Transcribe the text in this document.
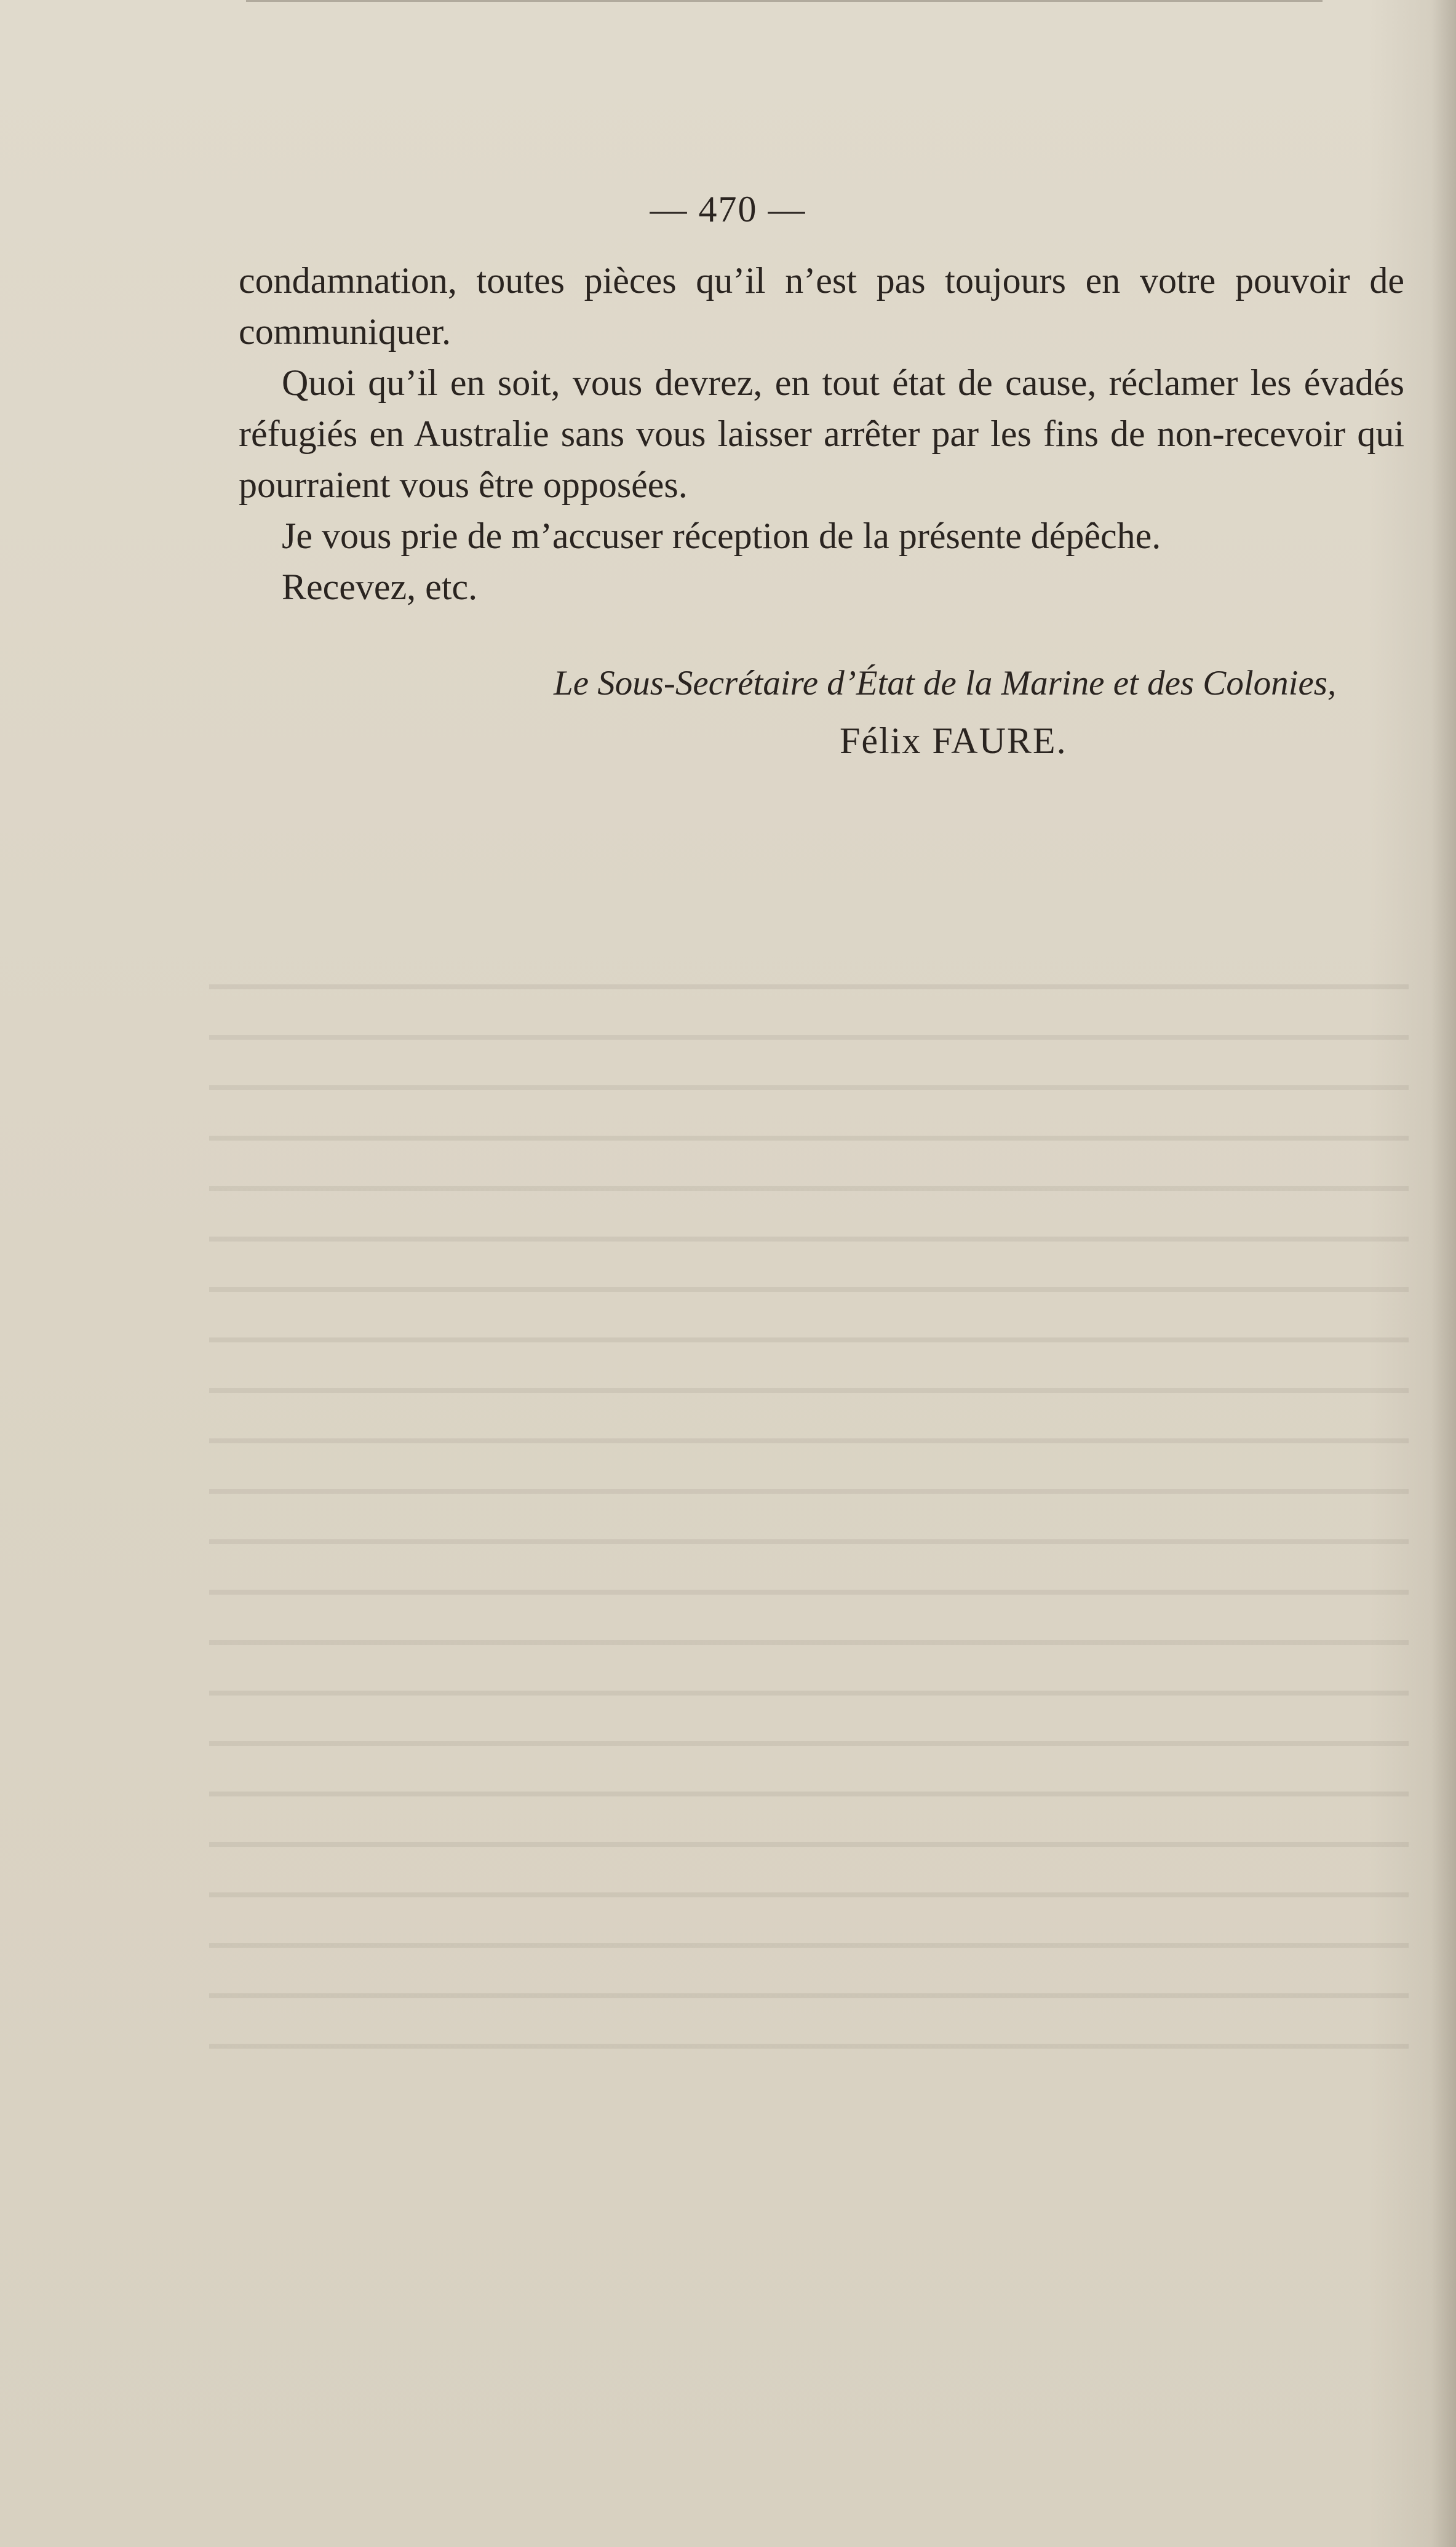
— 470 —

condamnation, toutes pièces qu’il n’est pas toujours en votre pouvoir de communiquer.

Quoi qu’il en soit, vous devrez, en tout état de cause, réclamer les évadés réfugiés en Australie sans vous laisser arrêter par les fins de non-recevoir qui pourraient vous être opposées.

Je vous prie de m’accuser réception de la présente dépêche.

Recevez, etc.

Le Sous-Secrétaire d’État de la Marine et des Colonies,
Félix FAURE.
